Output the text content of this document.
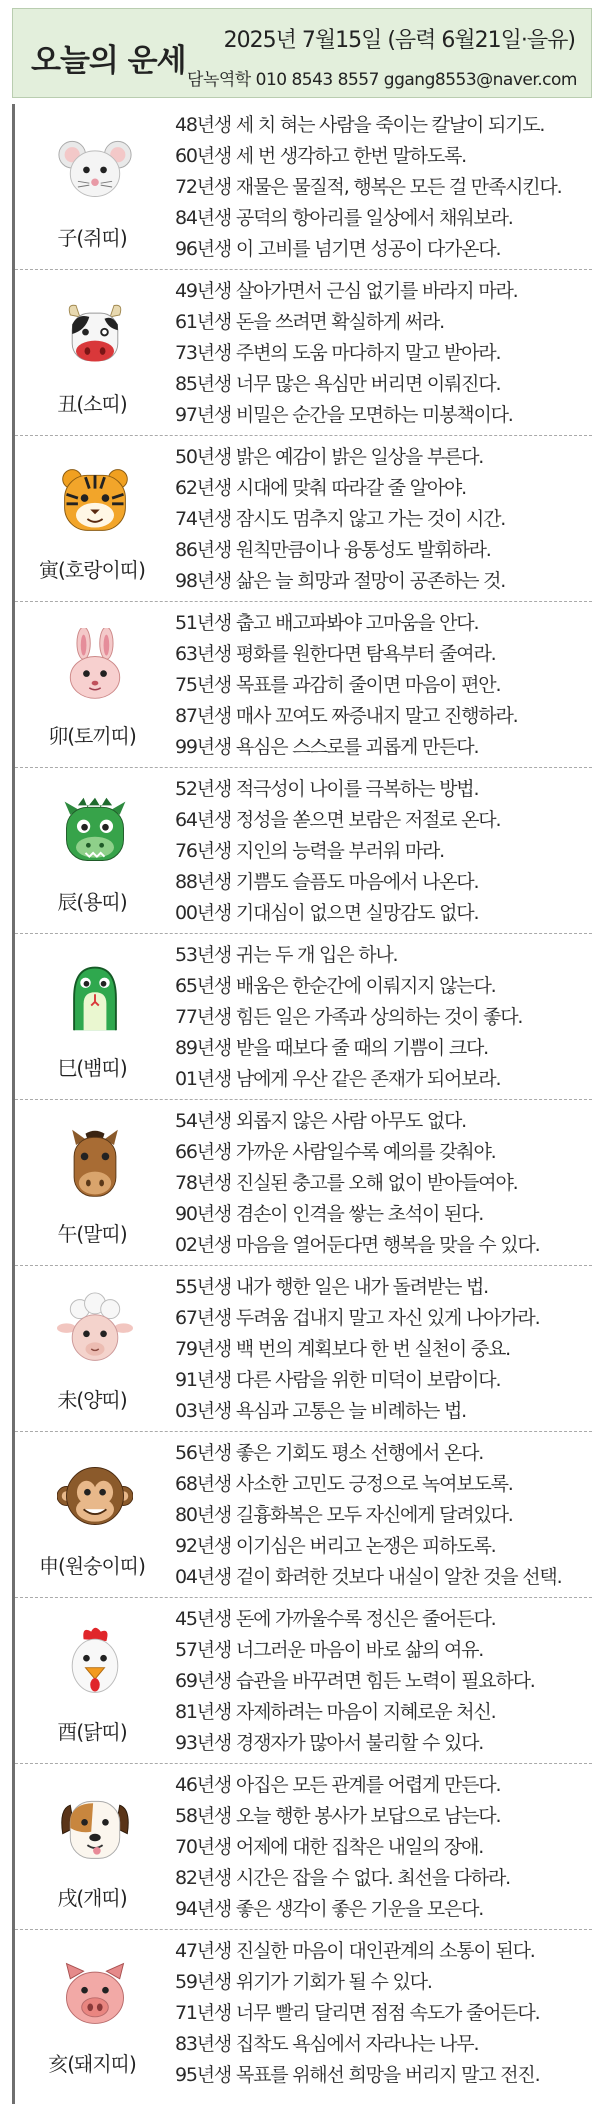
오늘의 운세
2025년 7월15일 (음력 6월21일·을유)
담녹역학 010 8543 8557 ggang8553@naver.com
子(쥐띠)
48년생 세 치 혀는 사람을 죽이는 칼날이 되기도.
60년생 세 번 생각하고 한번 말하도록.
72년생 재물은 물질적, 행복은 모든 걸 만족시킨다.
84년생 공덕의 항아리를 일상에서 채워보라.
96년생 이 고비를 넘기면 성공이 다가온다.
丑(소띠)
49년생 살아가면서 근심 없기를 바라지 마라.
61년생 돈을 쓰려면 확실하게 써라.
73년생 주변의 도움 마다하지 말고 받아라.
85년생 너무 많은 욕심만 버리면 이뤄진다.
97년생 비밀은 순간을 모면하는 미봉책이다.
寅(호랑이띠)
50년생 밝은 예감이 밝은 일상을 부른다.
62년생 시대에 맞춰 따라갈 줄 알아야.
74년생 잠시도 멈추지 않고 가는 것이 시간.
86년생 원칙만큼이나 융통성도 발휘하라.
98년생 삶은 늘 희망과 절망이 공존하는 것.
卯(토끼띠)
51년생 춥고 배고파봐야 고마움을 안다.
63년생 평화를 원한다면 탐욕부터 줄여라.
75년생 목표를 과감히 줄이면 마음이 편안.
87년생 매사 꼬여도 짜증내지 말고 진행하라.
99년생 욕심은 스스로를 괴롭게 만든다.
辰(용띠)
52년생 적극성이 나이를 극복하는 방법.
64년생 정성을 쏟으면 보람은 저절로 온다.
76년생 지인의 능력을 부러워 마라.
88년생 기쁨도 슬픔도 마음에서 나온다.
00년생 기대심이 없으면 실망감도 없다.
巳(뱀띠)
53년생 귀는 두 개 입은 하나.
65년생 배움은 한순간에 이뤄지지 않는다.
77년생 힘든 일은 가족과 상의하는 것이 좋다.
89년생 받을 때보다 줄 때의 기쁨이 크다.
01년생 남에게 우산 같은 존재가 되어보라.
午(말띠)
54년생 외롭지 않은 사람 아무도 없다.
66년생 가까운 사람일수록 예의를 갖춰야.
78년생 진실된 충고를 오해 없이 받아들여야.
90년생 겸손이 인격을 쌓는 초석이 된다.
02년생 마음을 열어둔다면 행복을 맞을 수 있다.
未(양띠)
55년생 내가 행한 일은 내가 돌려받는 법.
67년생 두려움 겁내지 말고 자신 있게 나아가라.
79년생 백 번의 계획보다 한 번 실천이 중요.
91년생 다른 사람을 위한 미덕이 보람이다.
03년생 욕심과 고통은 늘 비례하는 법.
申(원숭이띠)
56년생 좋은 기회도 평소 선행에서 온다.
68년생 사소한 고민도 긍정으로 녹여보도록.
80년생 길흉화복은 모두 자신에게 달려있다.
92년생 이기심은 버리고 논쟁은 피하도록.
04년생 겉이 화려한 것보다 내실이 알찬 것을 선택.
酉(닭띠)
45년생 돈에 가까울수록 정신은 줄어든다.
57년생 너그러운 마음이 바로 삶의 여유.
69년생 습관을 바꾸려면 힘든 노력이 필요하다.
81년생 자제하려는 마음이 지혜로운 처신.
93년생 경쟁자가 많아서 불리할 수 있다.
戌(개띠)
46년생 아집은 모든 관계를 어렵게 만든다.
58년생 오늘 행한 봉사가 보답으로 남는다.
70년생 어제에 대한 집착은 내일의 장애.
82년생 시간은 잡을 수 없다. 최선을 다하라.
94년생 좋은 생각이 좋은 기운을 모은다.
亥(돼지띠)
47년생 진실한 마음이 대인관계의 소통이 된다.
59년생 위기가 기회가 될 수 있다.
71년생 너무 빨리 달리면 점점 속도가 줄어든다.
83년생 집착도 욕심에서 자라나는 나무.
95년생 목표를 위해선 희망을 버리지 말고 전진.
